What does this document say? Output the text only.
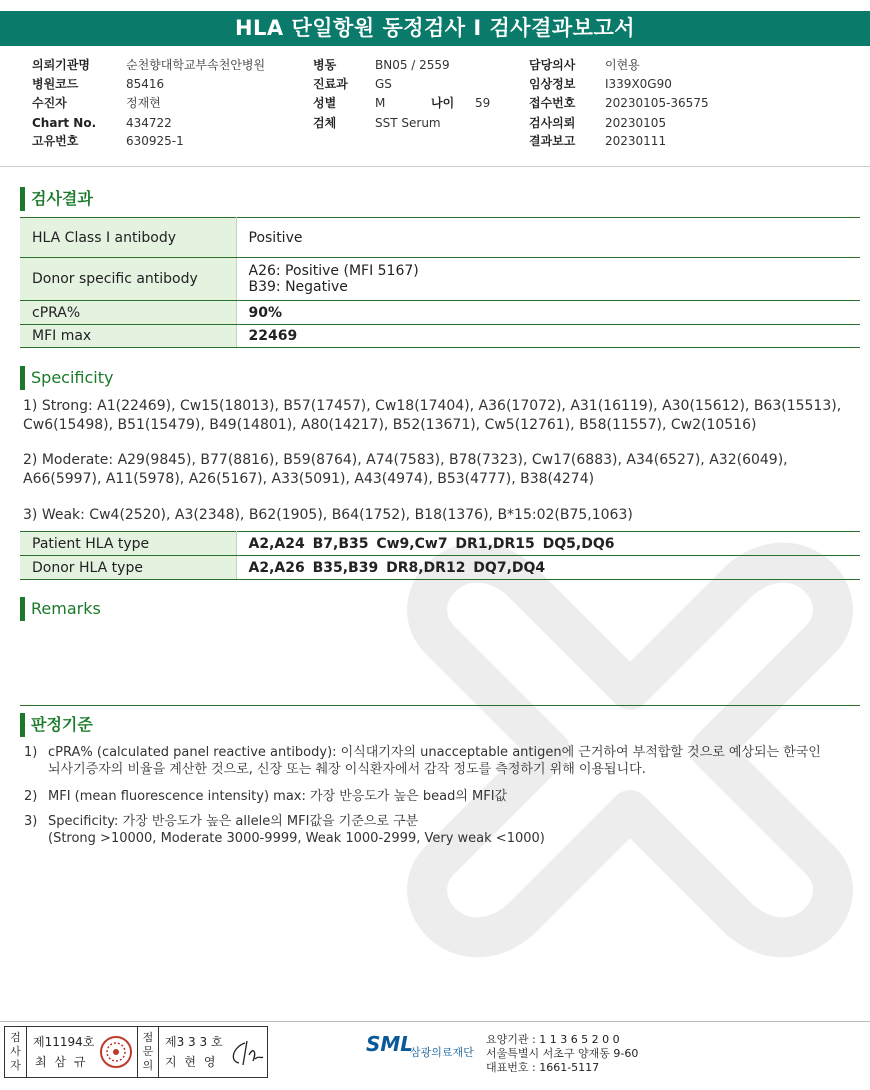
HLA 단일항원 동정검사 I 검사결과보고서
의뢰기관명	순천향대학교부속천안병원
병원코드	85416
수진자	정재현
Chart No. 434722
고유번호	630925-1
병동	BN05 / 2559
진료과 GS
성별	M	나이 59
검체	SST Serum
담당의사 이현용
임상정보 I339X0G90
접수번호 20230105-36575
검사의뢰 20230105
결과보고 20230111
검사결과
HLA Class I antibody	Positive
Donor specific antibody	A26: Positive (MFI 5167)
B39: Negative

cPRA%	90%
MFI max	22469
Specificity
1) Strong: A1(22469), Cw15(18013), B57(17457), Cw18(17404), A36(17072), A31(16119), A30(15612), B63(15513),
Cw6(15498), B51(15479), B49(14801), A80(14217), B52(13671), Cw5(12761), B58(11557), Cw2(10516)
2) Moderate: A29(9845), B77(8816), B59(8764), A74(7583), B78(7323), Cw17(6883), A34(6527), A32(6049),
A66(5997), A11(5978), A26(5167), A33(5091), A43(4974), B53(4777), B38(4274)
3) Weak: Cw4(2520), A3(2348), B62(1905), B64(1752), B18(1376), B*15:02(B75,1063)
Patient HLA type	A2,A24 B7,B35 Cw9,Cw7 DR1,DR15 DQ5,DQ6
Donor HLA type	A2,A26 B35,B39 DR8,DR12 DQ7,DQ4
Remarks
판정기준
1) cPRA% (calculated panel reactive antibody): 이식대기자의 unacceptable antigen에 근거하여 부적합할 것으로 예상되는 한국인
뇌사기증자의 비율을 계산한 것으로, 신장 또는 췌장 이식환자에서 감작 정도를 측정하기 위해 이용됩니다.
2) MFI (mean fluorescence intensity) max: 가장 반응도가 높은 bead의 MFI값
3) Specificity: 가장 반응도가 높은 allele의 MFI값을 기준으로 구분
(Strong >10000, Moderate 3000-9999, Weak 1000-2999, Very weak <1000)
검사자
제11194호
최 삼 규
점문의
제3 3 3 호
지 현 영
SML
삼광의료재단
요양기관 : 1 1 3 6 5 2 0 0
서울특별시 서초구 양재동 9-60
대표번호 : 1661-5117
